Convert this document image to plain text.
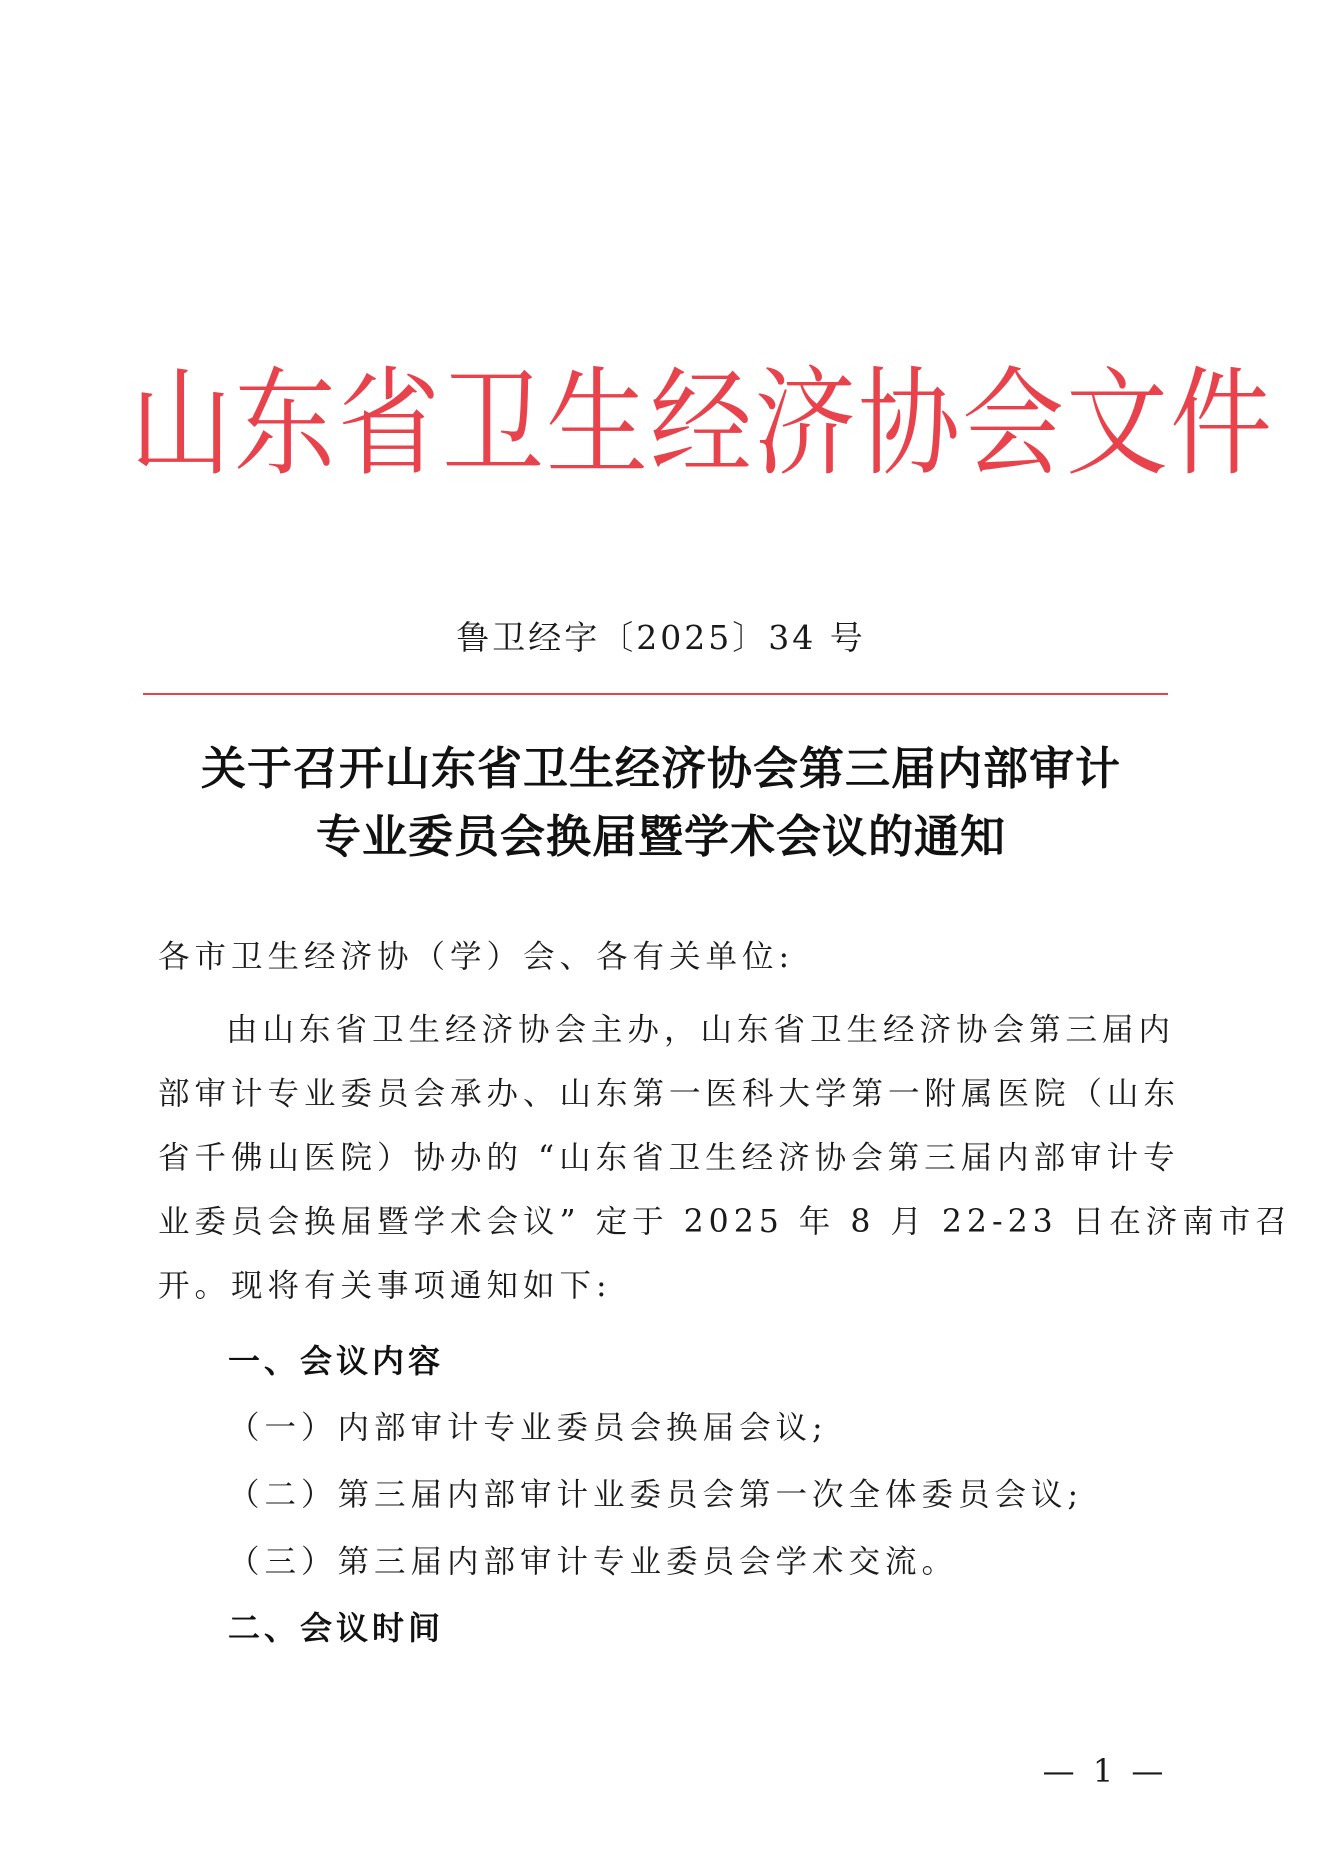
山东省卫生经济协会文件
鲁卫经字〔2025〕34 号
关于召开山东省卫生经济协会第三届内部审计
专业委员会换届暨学术会议的通知
各市卫生经济协（学）会、各有关单位:
由山东省卫生经济协会主办，山东省卫生经济协会第三届内
部审计专业委员会承办、山东第一医科大学第一附属医院（山东
省千佛山医院）协办的 “山东省卫生经济协会第三届内部审计专
业委员会换届暨学术会议” 定于 2025 年 8 月 22-23 日在济南市召
开。现将有关事项通知如下:
一、会议内容
（一）内部审计专业委员会换届会议;
（二）第三届内部审计业委员会第一次全体委员会议;
（三）第三届内部审计专业委员会学术交流。
二、会议时间
— 1 —
